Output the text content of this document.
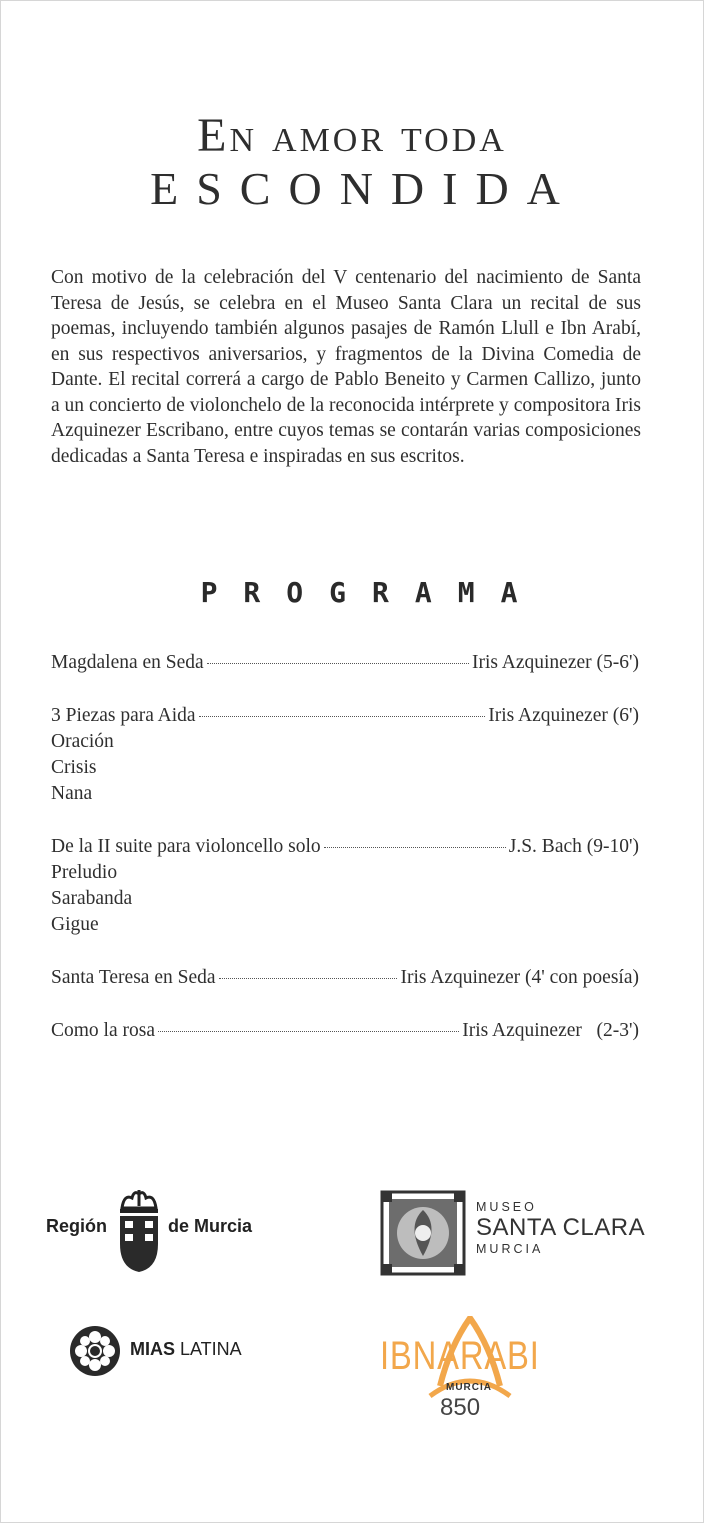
En amor toda
ESCONDIDA

Con motivo de la celebración del V centenario del nacimiento de Santa Teresa de Jesús, se celebra en el Museo Santa Clara un recital de sus poemas, incluyendo también algunos pasajes de Ramón Llull e Ibn Arabí, en sus respectivos aniversarios, y fragmentos de la Divina Comedia de Dante. El recital correrá a cargo de Pablo Beneito y Carmen Callizo, junto a un concierto de violonchelo de la reconocida intérprete y compositora Iris Azquinezer Escribano, entre cuyos temas se contarán varias composiciones dedicadas a Santa Teresa e inspiradas en sus escritos.

PROGRAMA
Magdalena en Seda	Iris Azquinezer (5-6')
3 Piezas para Aida	Iris Azquinezer (6')
Oración
Crisis
Nana
De la II suite para violoncello solo	J.S. Bach (9-10')
Preludio
Sarabanda
Gigue
Santa Teresa en Seda	Iris Azquinezer (4' con poesía)
Como la rosa	Iris Azquinezer   (2-3')
Región	de Murcia
MUSEO
SANTA CLARA
MURCIA
MIAS LATINA	IBNARABI
MURCIA
850
